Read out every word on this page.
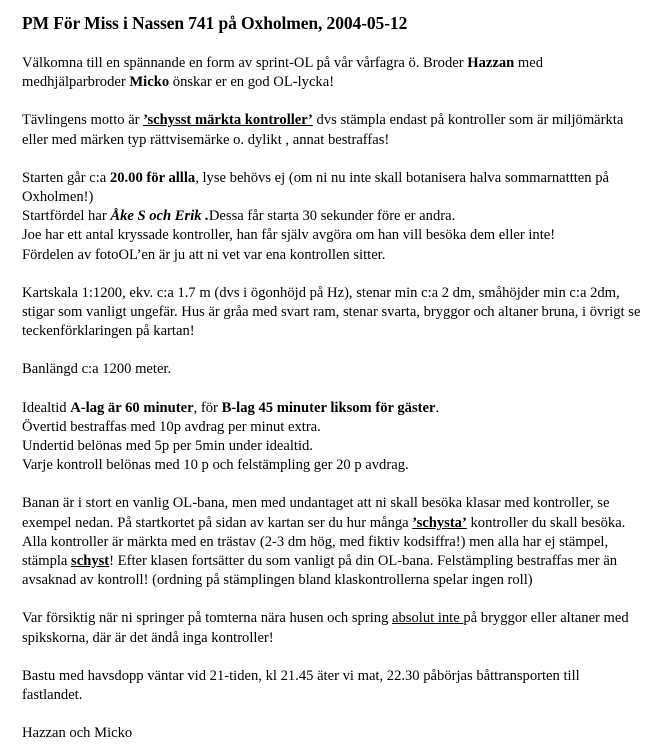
PM För Miss i Nassen 741 på Oxholmen, 2004-05-12

Välkomna till en spännande en form av sprint-OL på vår vårfagra ö. Broder Hazzan med medhjälparbroder Micko önskar er en god OL-lycka!

Tävlingens motto är ’schysst märkta kontroller’ dvs stämpla endast på kontroller som är miljömärkta eller med märken typ rättvisemärke o. dylikt , annat bestraffas!

Starten går c:a 20.00 för allla, lyse behövs ej (om ni nu inte skall botanisera halva sommarnattten på Oxholmen!)
Startfördel har Åke S och Erik .Dessa får starta 30 sekunder före er andra.
Joe har ett antal kryssade kontroller, han får själv avgöra om han vill besöka dem eller inte!
Fördelen av fotoOL’en är ju att ni vet var ena kontrollen sitter.

Kartskala 1:1200, ekv. c:a 1.7 m (dvs i ögonhöjd på Hz), stenar min c:a 2 dm, småhöjder min c:a 2dm, stigar som vanligt ungefär. Hus är gråa med svart ram, stenar svarta, bryggor och altaner bruna, i övrigt se teckenförklaringen på kartan!

Banlängd c:a 1200 meter.

Idealtid A-lag är 60 minuter, för B-lag 45 minuter liksom för gäster.
Övertid bestraffas med 10p avdrag per minut extra.
Undertid belönas med 5p per 5min under idealtid.
Varje kontroll belönas med 10 p och felstämpling ger 20 p avdrag.

Banan är i stort en vanlig OL-bana, men med undantaget att ni skall besöka klasar med kontroller, se exempel nedan. På startkortet på sidan av kartan ser du hur många ’schysta’ kontroller du skall besöka. Alla kontroller är märkta med en trästav (2-3 dm hög, med fiktiv kodsiffra!) men alla har ej stämpel, stämpla schyst! Efter klasen fortsätter du som vanligt på din OL-bana. Felstämpling bestraffas mer än avsaknad av kontroll! (ordning på stämplingen bland klaskontrollerna spelar ingen roll)

Var försiktig när ni springer på tomterna nära husen och spring absolut inte på bryggor eller altaner med spikskorna, där är det ändå inga kontroller!

Bastu med havsdopp väntar vid 21-tiden, kl 21.45 äter vi mat, 22.30 påbörjas båttransporten till fastlandet.

Hazzan och Micko
